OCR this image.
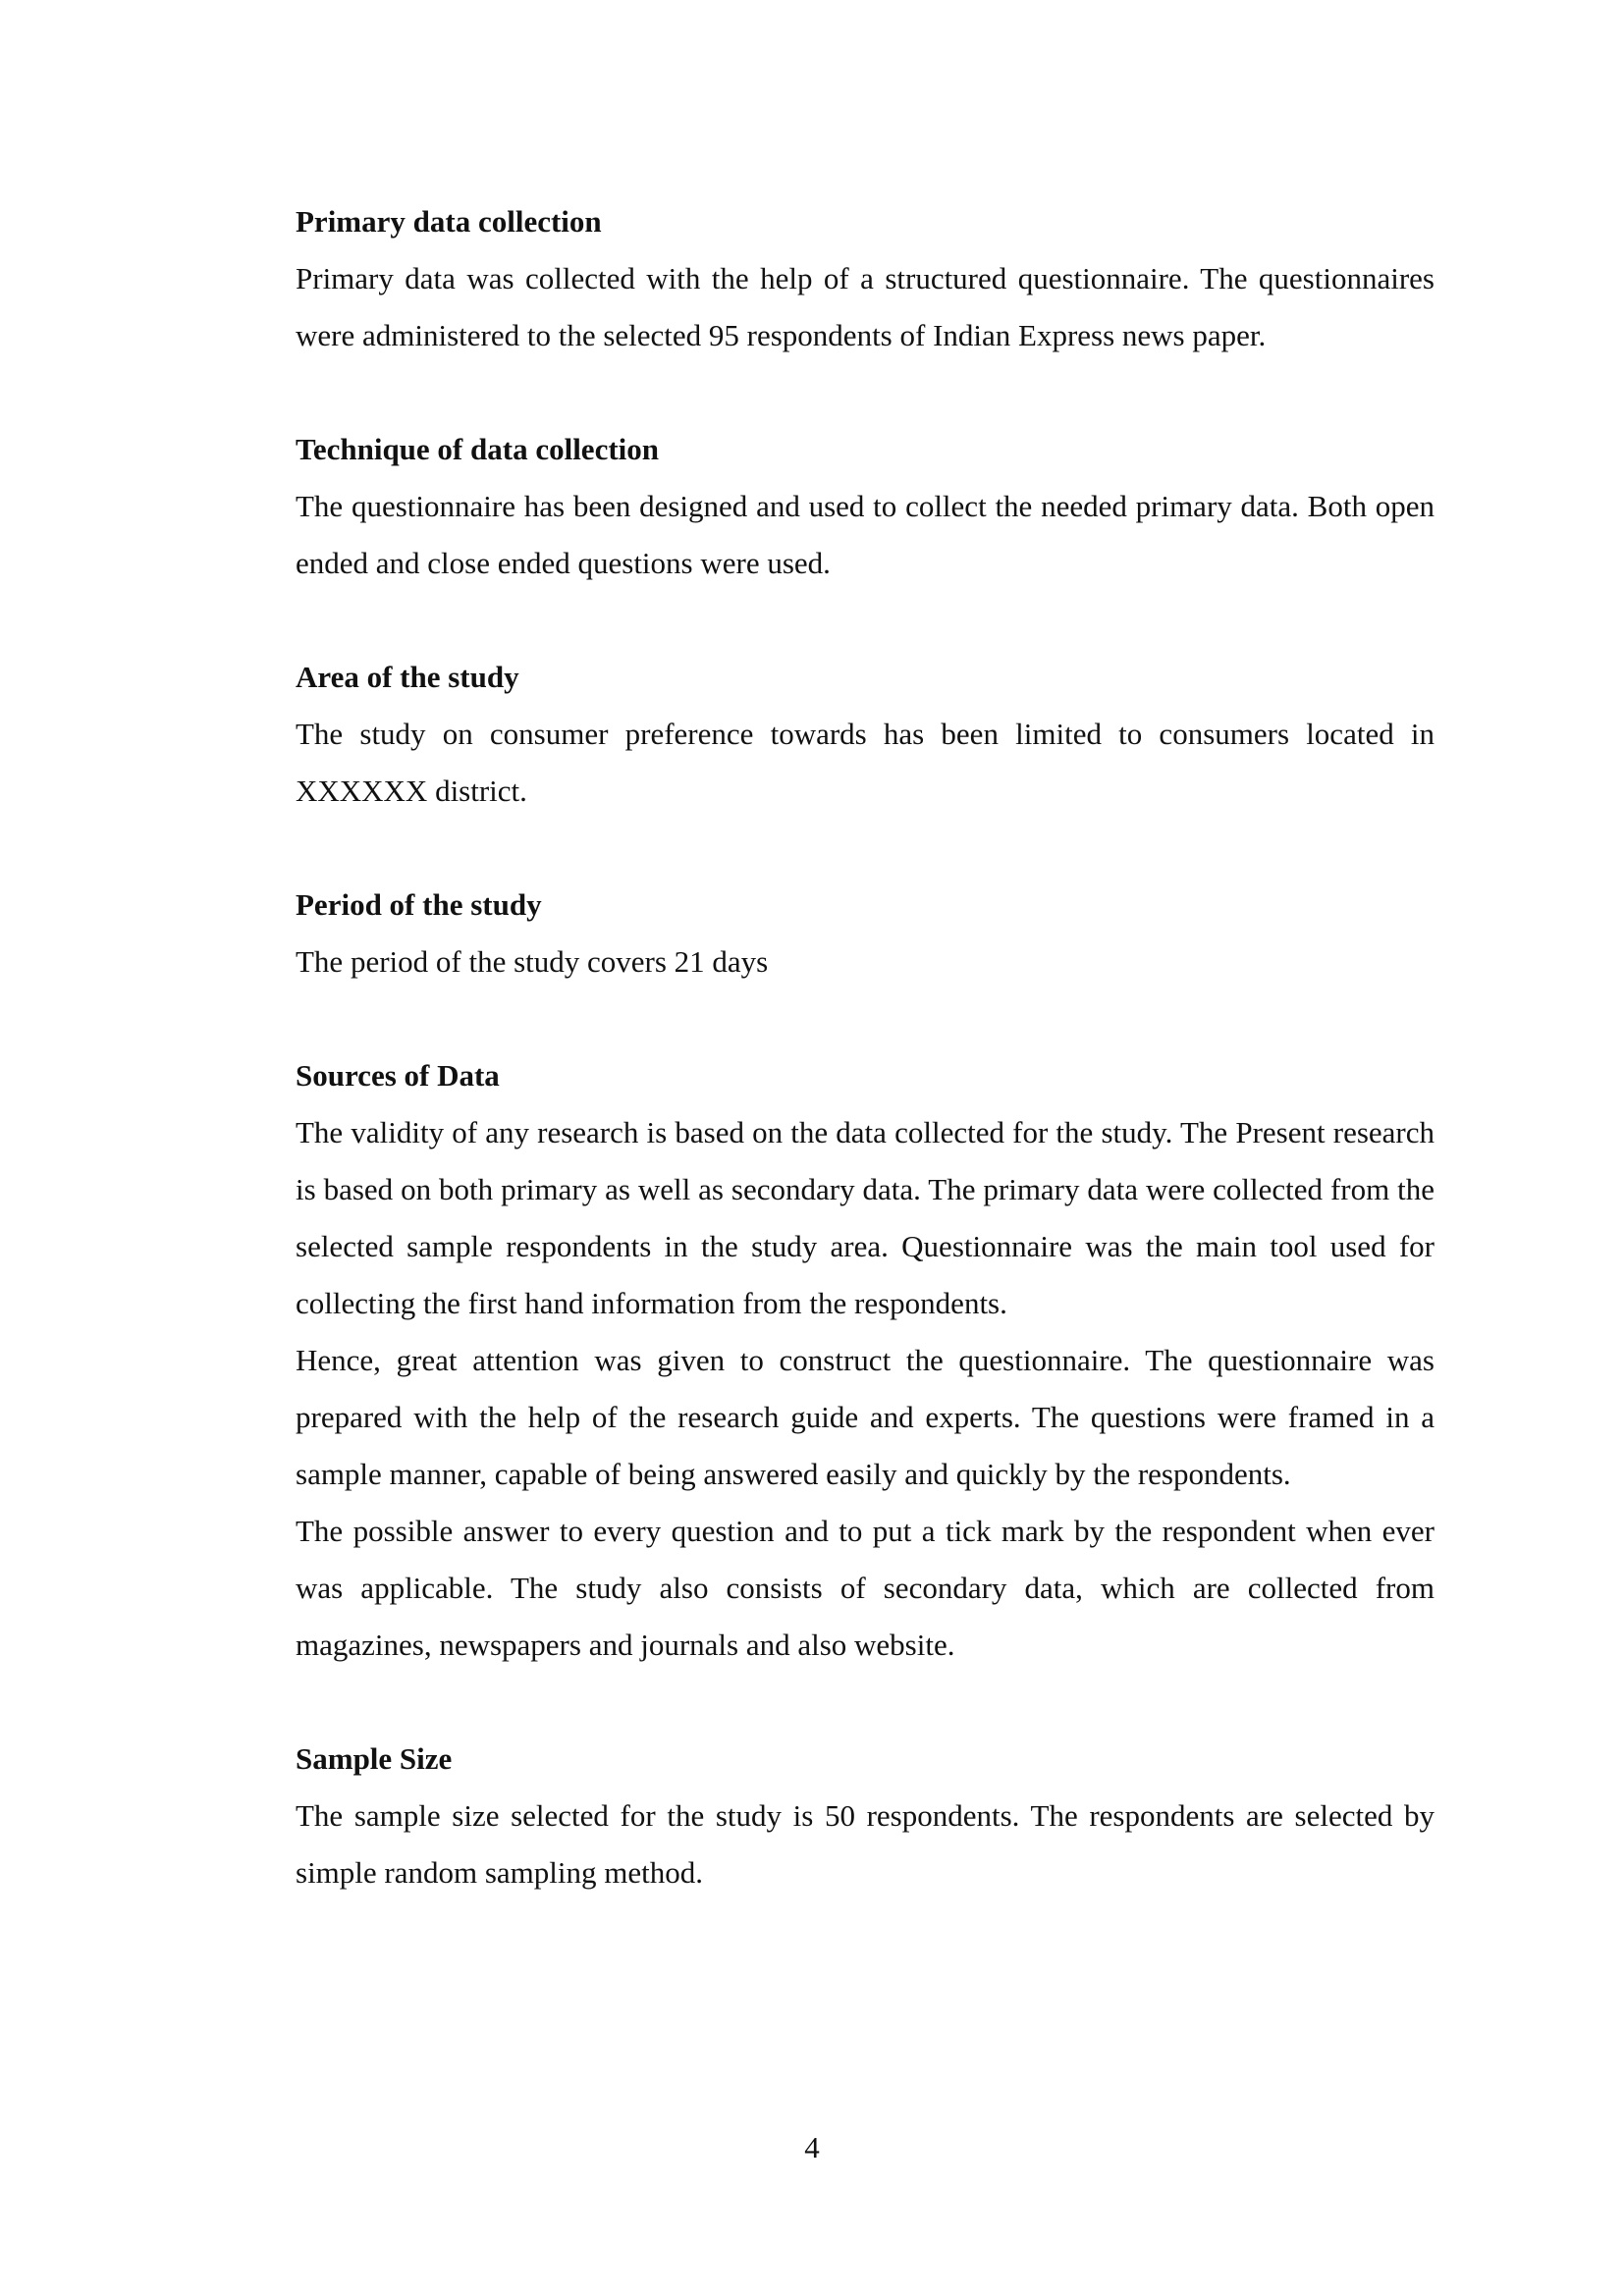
Primary data collection

Primary data was collected with the help of a structured questionnaire. The questionnaires were administered to the selected 95 respondents of Indian Express news paper.

Technique of data collection

The questionnaire has been designed and used to collect the needed primary data. Both open ended and close ended questions were used.

Area of the study

The study on consumer preference towards has been limited to consumers located in XXXXXX district.

Period of the study

The period of the study covers 21 days

Sources of Data

The validity of any research is based on the data collected for the study. The Present research is based on both primary as well as secondary data. The primary data were collected from the selected sample respondents in the study area. Questionnaire was the main tool used for collecting the first hand information from the respondents.

Hence, great attention was given to construct the questionnaire. The questionnaire was prepared with the help of the research guide and experts. The questions were framed in a sample manner, capable of being answered easily and quickly by the respondents.

The possible answer to every question and to put a tick mark by the respondent when ever was applicable. The study also consists of secondary data, which are collected from magazines, newspapers and journals and also website.

Sample Size

The sample size selected for the study is 50 respondents. The respondents are selected by simple random sampling method.

4
